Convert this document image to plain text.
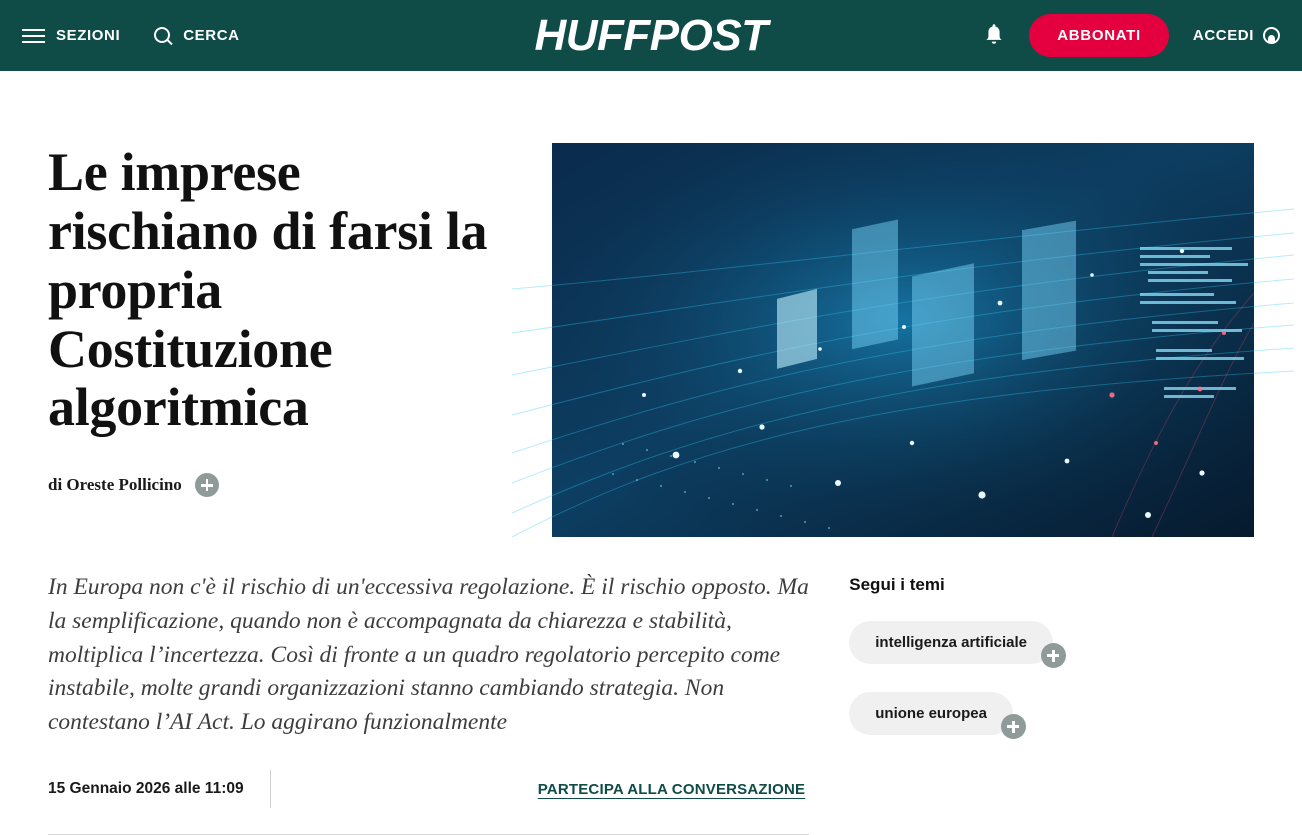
SEZIONI	CERCA	HUFFPOST	ABBONATI	ACCEDI
Le imprese rischiano di farsi la propria Costituzione algoritmica
di Oreste Pollicino

In Europa non c'è il rischio di un'eccessiva regolazione. È il rischio opposto. Ma la semplificazione, quando non è accompagnata da chiarezza e stabilità, moltiplica l’incertezza. Così di fronte a un quadro regolatorio percepito come instabile, molte grandi organizzazioni stanno cambiando strategia. Non contestano l’AI Act. Lo aggirano funzionalmente

15 Gennaio 2026 alle 11:09	PARTECIPA ALLA CONVERSAZIONE
Segui i temi
intelligenza artificiale
unione europea
